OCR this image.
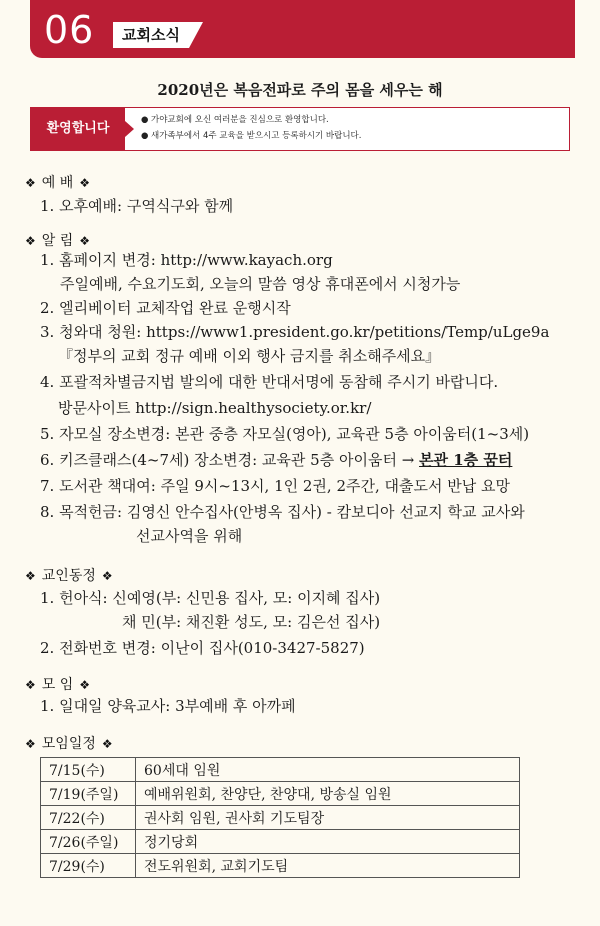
06	교회소식
2020년은 복음전파로 주의 몸을 세우는 해
환영합니다
● 가야교회에 오신 여러분을 진심으로 환영합니다.
● 새가족부에서 4주 교육을 받으시고 등록하시기 바랍니다.
❖ 예 배 ❖
1. 오후예배: 구역식구와 함께
❖ 알 림 ❖
1. 홈페이지 변경: http://www.kayach.org
주일예배, 수요기도회, 오늘의 말씀 영상 휴대폰에서 시청가능
2. 엘리베이터 교체작업 완료 운행시작
3. 청와대 청원: https://www1.president.go.kr/petitions/Temp/uLge9a
『정부의 교회 정규 예배 이외 행사 금지를 취소해주세요』
4. 포괄적차별금지법 발의에 대한 반대서명에 동참해 주시기 바랍니다.
방문사이트 http://sign.healthysociety.or.kr/
5. 자모실 장소변경: 본관 중층 자모실(영아), 교육관 5층 아이움터(1~3세)
6. 키즈클래스(4~7세) 장소변경: 교육관 5층 아이움터 → 본관 1층 꿈터
7. 도서관 책대여: 주일 9시~13시, 1인 2권, 2주간, 대출도서 반납 요망
8. 목적헌금: 김영신 안수집사(안병옥 집사) - 캄보디아 선교지 학교 교사와
선교사역을 위해
❖ 교인동정 ❖
1. 헌아식: 신예영(부: 신민용 집사, 모: 이지혜 집사)
채 민(부: 채진환 성도, 모: 김은선 집사)
2. 전화번호 변경: 이난이 집사(010-3427-5827)
❖ 모 임 ❖
1. 일대일 양육교사: 3부예배 후 아까페
❖ 모임일정 ❖
7/15(수)	60세대 임원
7/19(주일)	예배위원회, 찬양단, 찬양대, 방송실 임원
7/22(수)	권사회 임원, 권사회 기도팀장
7/26(주일)	정기당회
7/29(수)	전도위원회, 교회기도팀
